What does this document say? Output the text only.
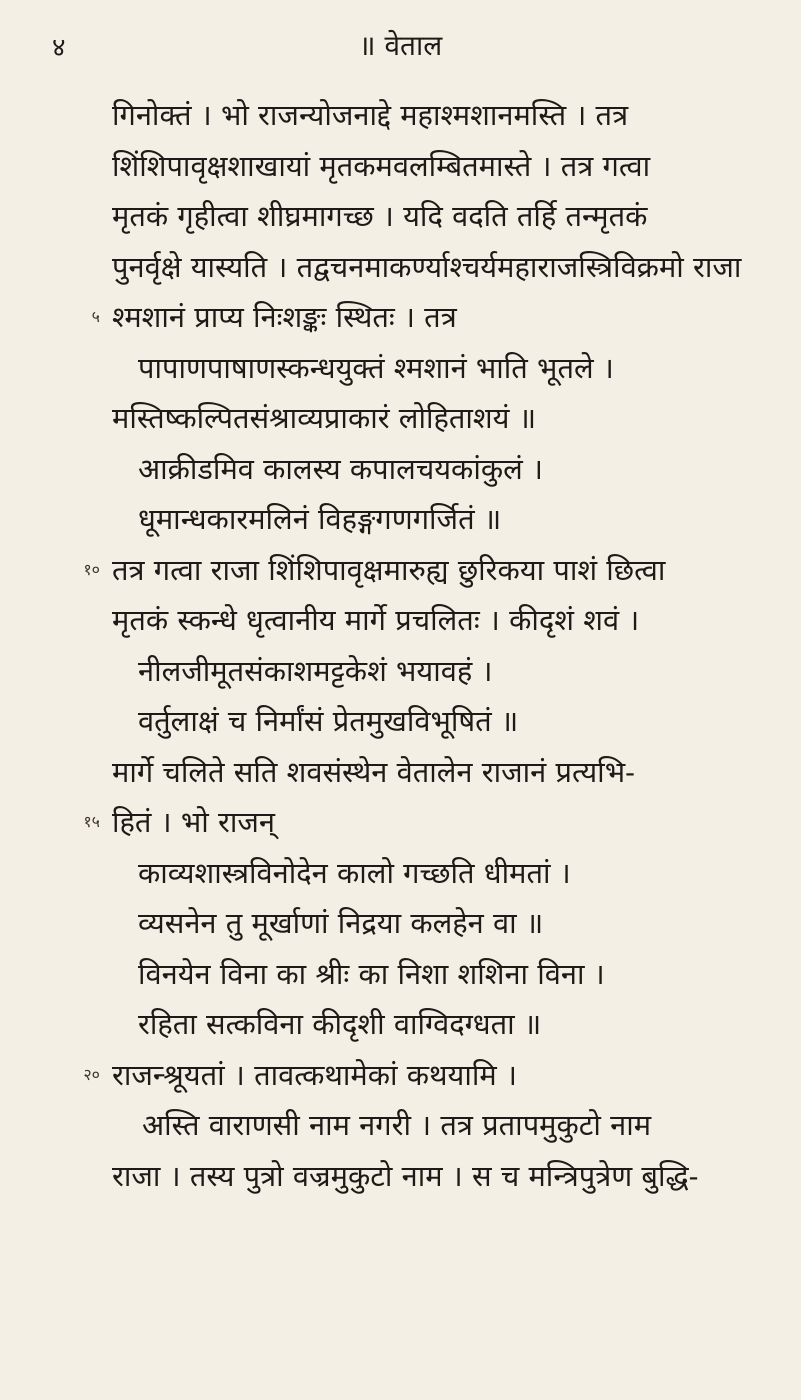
४	॥ वेताल
गिनोक्तं । भो राजन्योजनाद्दे महाश्मशानमस्ति । तत्र
शिंशिपावृक्षशाखायां मृतकमवलम्बितमास्ते । तत्र गत्वा
मृतकं गृहीत्वा शीघ्रमागच्छ । यदि वदति तर्हि तन्मृतकं
पुनर्वृक्षे यास्यति । तद्वचनमाकर्ण्याश्चर्यमहाराजस्त्रिविक्रमो राजा
५ श्मशानं प्राप्य निःशङ्कः स्थितः । तत्र
पापाणपाषाणस्कन्धयुक्तं श्मशानं भाति भूतले ।
मस्तिष्कल्पितसंश्राव्यप्राकारं लोहिताशयं ॥
आक्रीडमिव कालस्य कपालचयकांकुलं ।
धूमान्धकारमलिनं विहङ्गगणगर्जितं ॥
१० तत्र गत्वा राजा शिंशिपावृक्षमारुह्य छुरिकया पाशं छित्वा
मृतकं स्कन्धे धृत्वानीय मार्गे प्रचलितः । कीदृशं शवं ।
नीलजीमूतसंकाशमट्टकेशं भयावहं ।
वर्तुलाक्षं च निर्मांसं प्रेतमुखविभूषितं ॥
मार्गे चलिते सति शवसंस्थेन वेतालेन राजानं प्रत्यभि-
१५ हितं । भो राजन्
काव्यशास्त्रविनोदेन कालो गच्छति धीमतां ।
व्यसनेन तु मूर्खाणां निद्रया कलहेन वा ॥
विनयेन विना का श्रीः का निशा शशिना विना ।
रहिता सत्कविना कीदृशी वाग्विदग्धता ॥
२० राजन्श्रूयतां । तावत्कथामेकां कथयामि ।
अस्ति वाराणसी नाम नगरी । तत्र प्रतापमुकुटो नाम
राजा । तस्य पुत्रो वज्रमुकुटो नाम । स च मन्त्रिपुत्रेण बुद्धि-
